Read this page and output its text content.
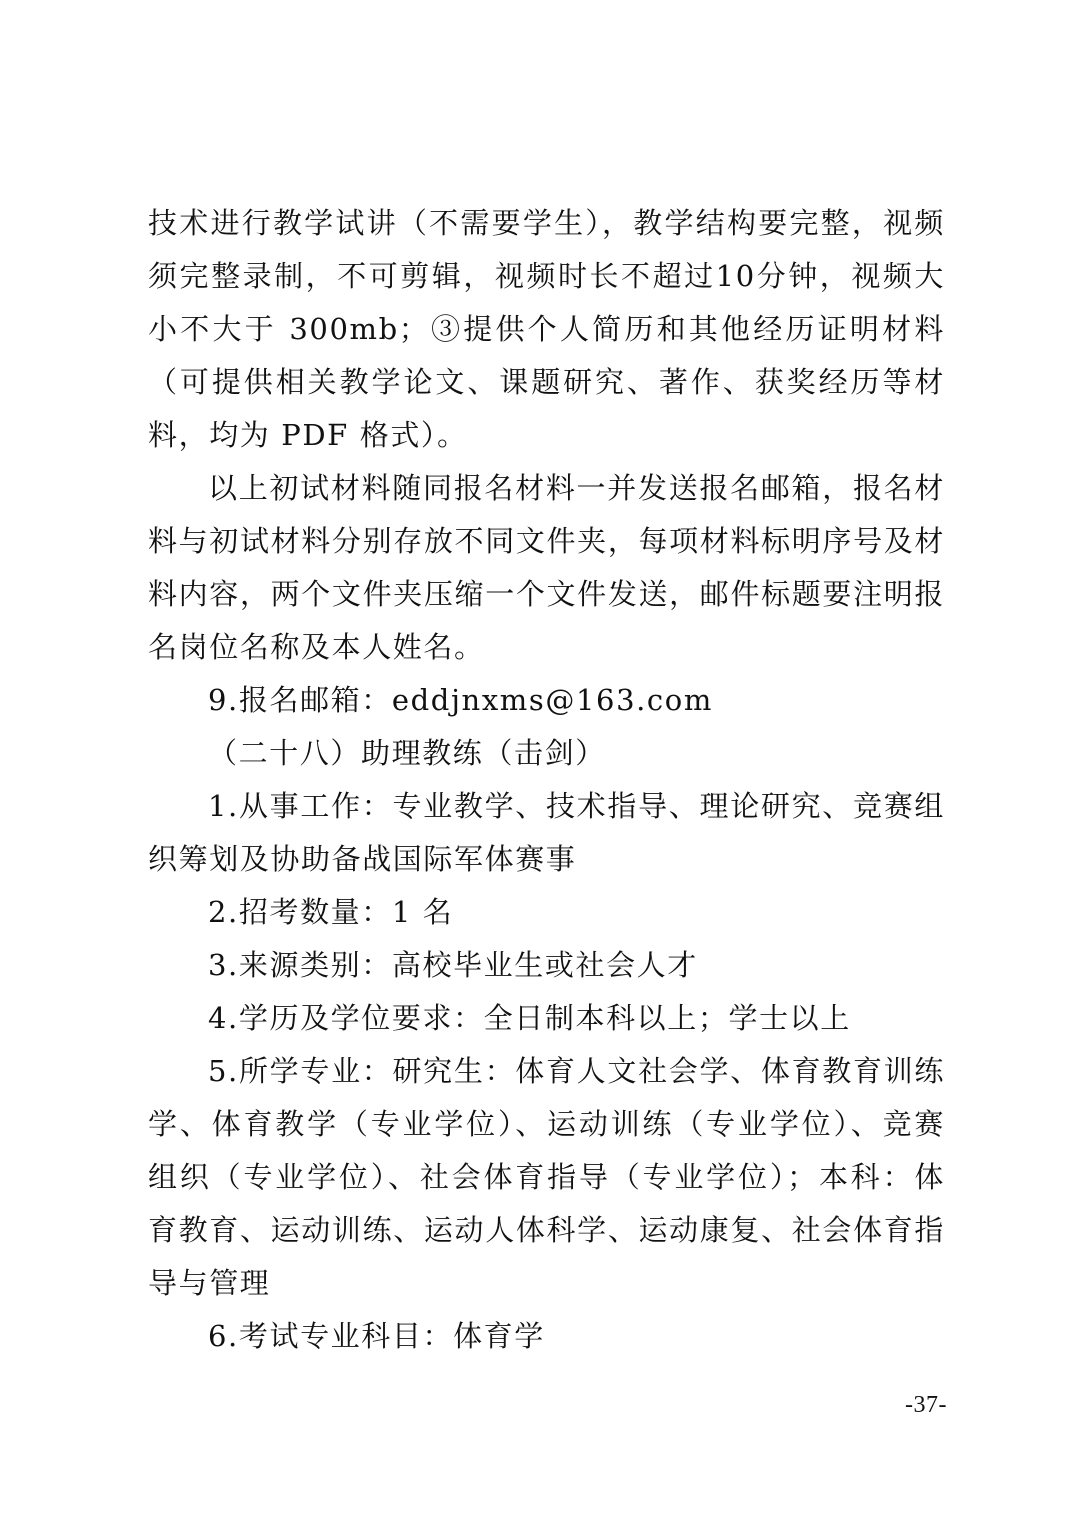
技术进行教学试讲（不需要学生），教学结构要完整，视频须完整录制，不可剪辑，视频时长不超过10分钟，视频大小不大于 300mb；③提供个人简历和其他经历证明材料（可提供相关教学论文、课题研究、著作、获奖经历等材料，均为 PDF 格式）。

以上初试材料随同报名材料一并发送报名邮箱，报名材料与初试材料分别存放不同文件夹，每项材料标明序号及材料内容，两个文件夹压缩一个文件发送，邮件标题要注明报名岗位名称及本人姓名。

9.报名邮箱：eddjnxms@163.com

（二十八）助理教练（击剑）

1.从事工作：专业教学、技术指导、理论研究、竞赛组织筹划及协助备战国际军体赛事

2.招考数量：1 名

3.来源类别：高校毕业生或社会人才

4.学历及学位要求：全日制本科以上；学士以上

5.所学专业：研究生：体育人文社会学、体育教育训练学、体育教学（专业学位）、运动训练（专业学位）、竞赛组织（专业学位）、社会体育指导（专业学位）；本科：体育教育、运动训练、运动人体科学、运动康复、社会体育指导与管理

6.考试专业科目：体育学

-37-
